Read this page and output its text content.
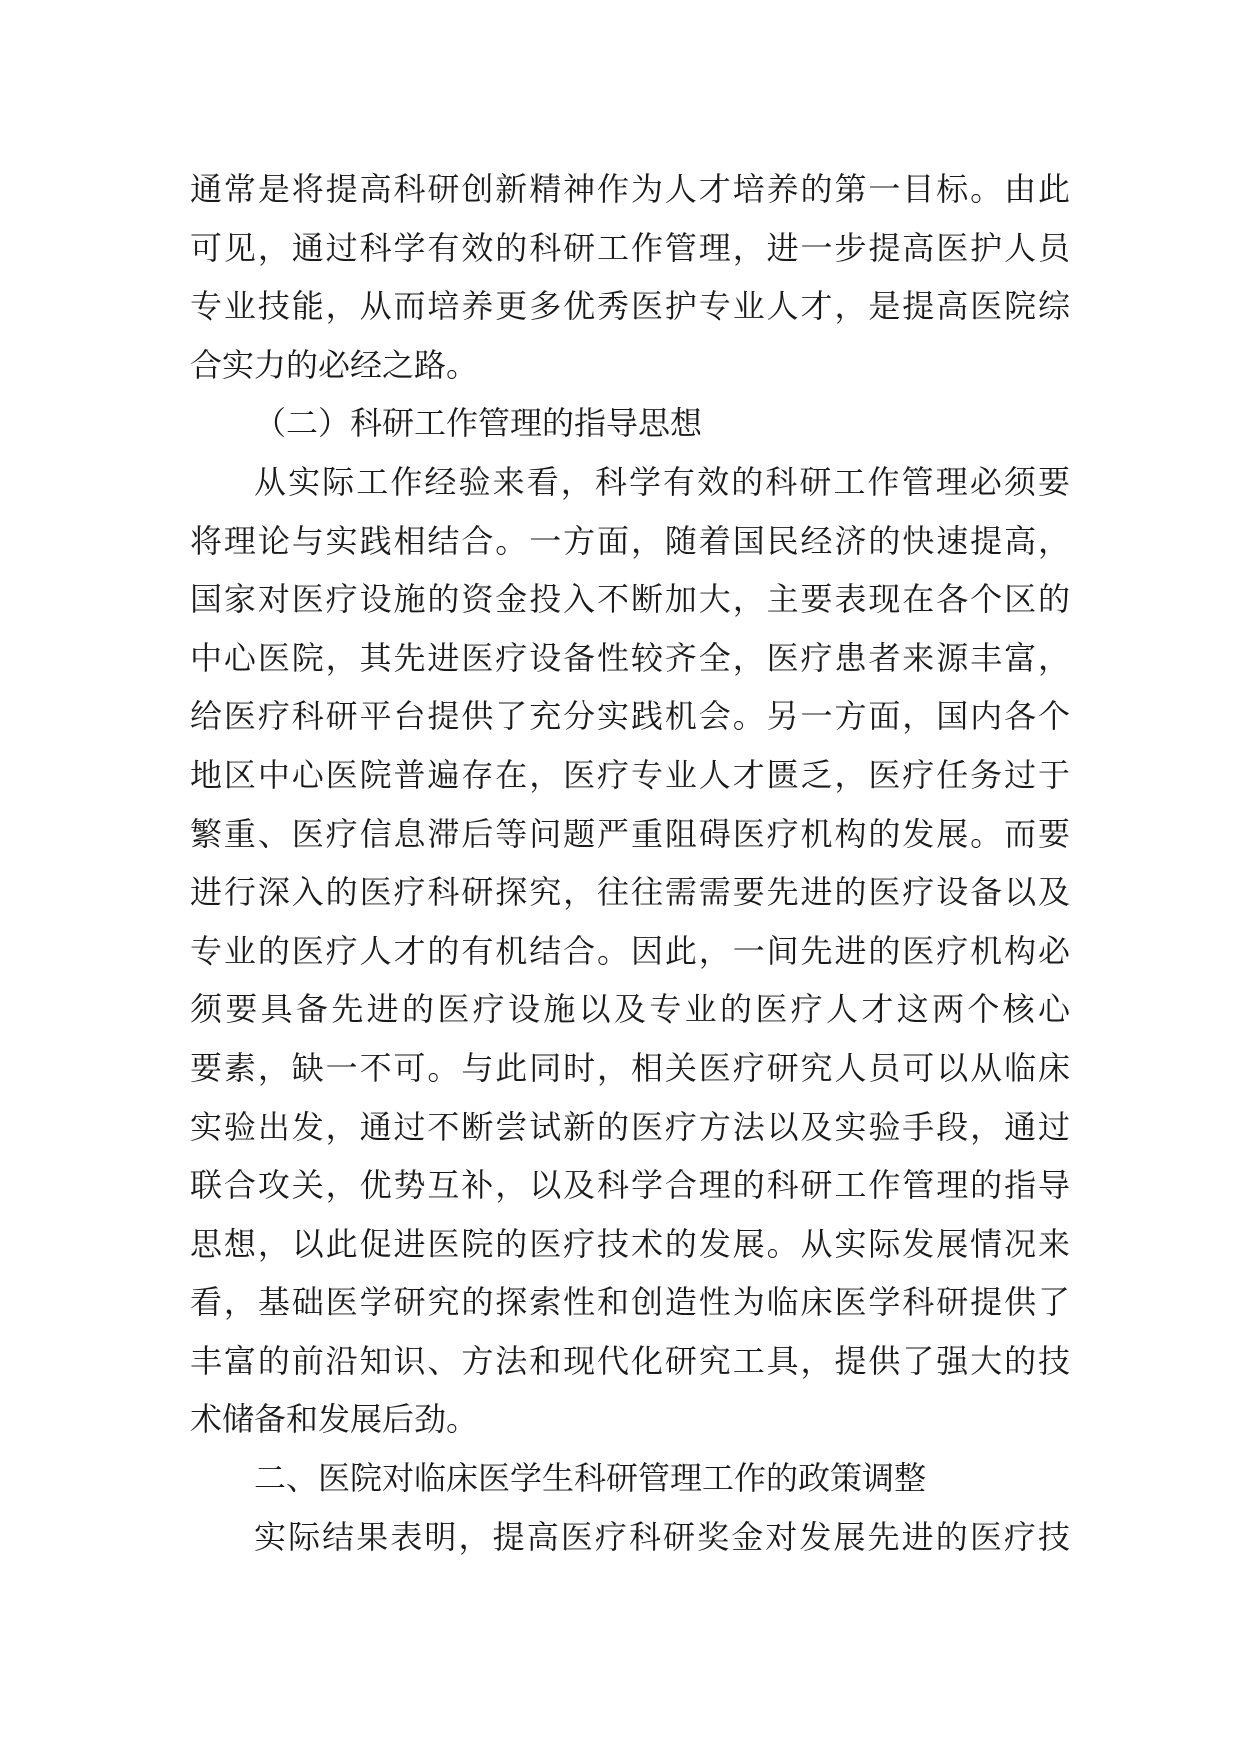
通常是将提高科研创新精神作为人才培养的第一目标。由此
可见，通过科学有效的科研工作管理，进一步提高医护人员
专业技能，从而培养更多优秀医护专业人才，是提高医院综
合实力的必经之路。
（二）科研工作管理的指导思想
从实际工作经验来看，科学有效的科研工作管理必须要
将理论与实践相结合。一方面，随着国民经济的快速提高，
国家对医疗设施的资金投入不断加大，主要表现在各个区的
中心医院，其先进医疗设备性较齐全，医疗患者来源丰富，
给医疗科研平台提供了充分实践机会。另一方面，国内各个
地区中心医院普遍存在，医疗专业人才匮乏，医疗任务过于
繁重、医疗信息滞后等问题严重阻碍医疗机构的发展。而要
进行深入的医疗科研探究，往往需需要先进的医疗设备以及
专业的医疗人才的有机结合。因此，一间先进的医疗机构必
须要具备先进的医疗设施以及专业的医疗人才这两个核心
要素，缺一不可。与此同时，相关医疗研究人员可以从临床
实验出发，通过不断尝试新的医疗方法以及实验手段，通过
联合攻关，优势互补，以及科学合理的科研工作管理的指导
思想，以此促进医院的医疗技术的发展。从实际发展情况来
看，基础医学研究的探索性和创造性为临床医学科研提供了
丰富的前沿知识、方法和现代化研究工具，提供了强大的技
术储备和发展后劲。
二、医院对临床医学生科研管理工作的政策调整
实际结果表明，提高医疗科研奖金对发展先进的医疗技
